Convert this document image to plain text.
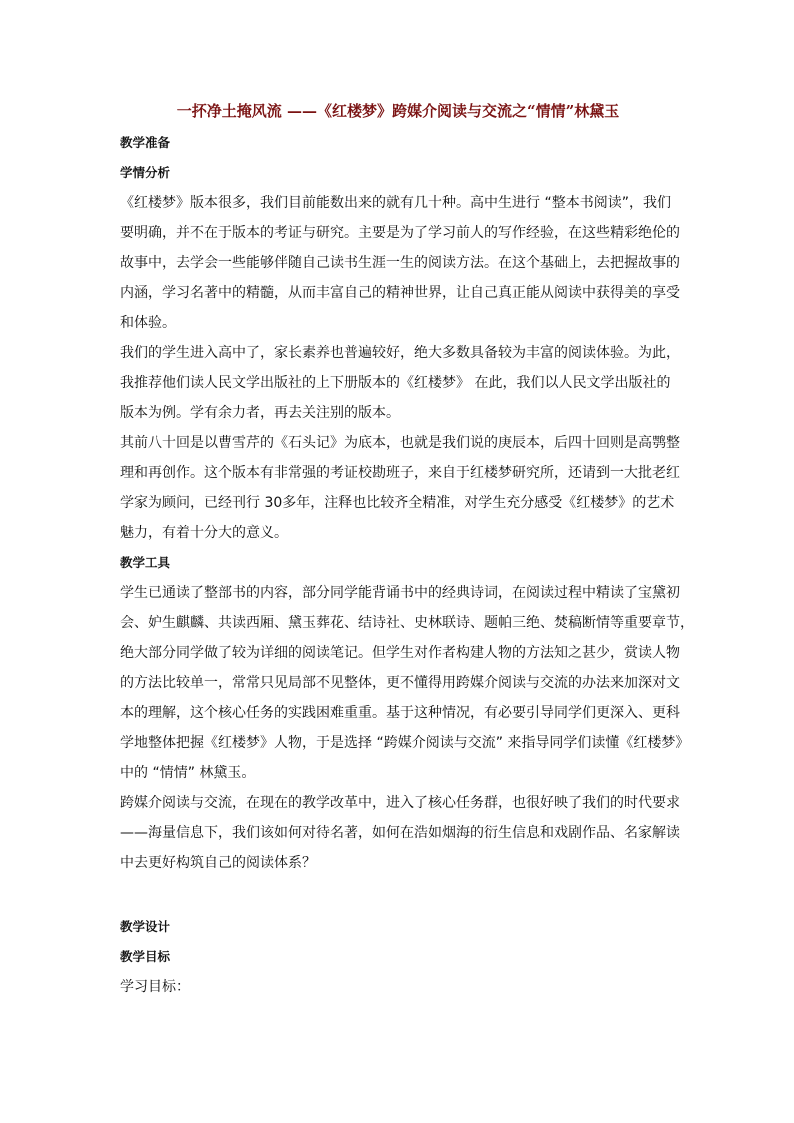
一抔净土掩风流 ——《红楼梦》跨媒介阅读与交流之“情情”林黛玉
教学准备
学情分析
《红楼梦》版本很多，我们目前能数出来的就有几十种。高中生进行 “整本书阅读”，我们
要明确，并不在于版本的考证与研究。主要是为了学习前人的写作经验，在这些精彩绝伦的
故事中，去学会一些能够伴随自己读书生涯一生的阅读方法。在这个基础上，去把握故事的
内涵，学习名著中的精髓，从而丰富自己的精神世界，让自己真正能从阅读中获得美的享受
和体验。
我们的学生进入高中了，家长素养也普遍较好，绝大多数具备较为丰富的阅读体验。为此，
我推荐他们读人民文学出版社的上下册版本的《红楼梦》 在此，我们以人民文学出版社的
版本为例。学有余力者，再去关注别的版本。
其前八十回是以曹雪芹的《石头记》为底本，也就是我们说的庚辰本，后四十回则是高鹗整
理和再创作。这个版本有非常强的考证校勘班子，来自于红楼梦研究所，还请到一大批老红
学家为顾问，已经刊行 30多年，注释也比较齐全精准，对学生充分感受《红楼梦》的艺术
魅力，有着十分大的意义。
教学工具
学生已通读了整部书的内容，部分同学能背诵书中的经典诗词，在阅读过程中精读了宝黛初
会、妒生麒麟、共读西厢、黛玉葬花、结诗社、史林联诗、题帕三绝、焚稿断情等重要章节，
绝大部分同学做了较为详细的阅读笔记。但学生对作者构建人物的方法知之甚少，赏读人物
的方法比较单一，常常只见局部不见整体，更不懂得用跨媒介阅读与交流的办法来加深对文
本的理解，这个核心任务的实践困难重重。基于这种情况，有必要引导同学们更深入、更科
学地整体把握《红楼梦》人物，于是选择 “跨媒介阅读与交流” 来指导同学们读懂《红楼梦》
中的 “情情” 林黛玉。
跨媒介阅读与交流，在现在的教学改革中，进入了核心任务群，也很好映了我们的时代要求
——海量信息下，我们该如何对待名著，如何在浩如烟海的衍生信息和戏剧作品、名家解读
中去更好构筑自己的阅读体系？
教学设计
教学目标
学习目标：
